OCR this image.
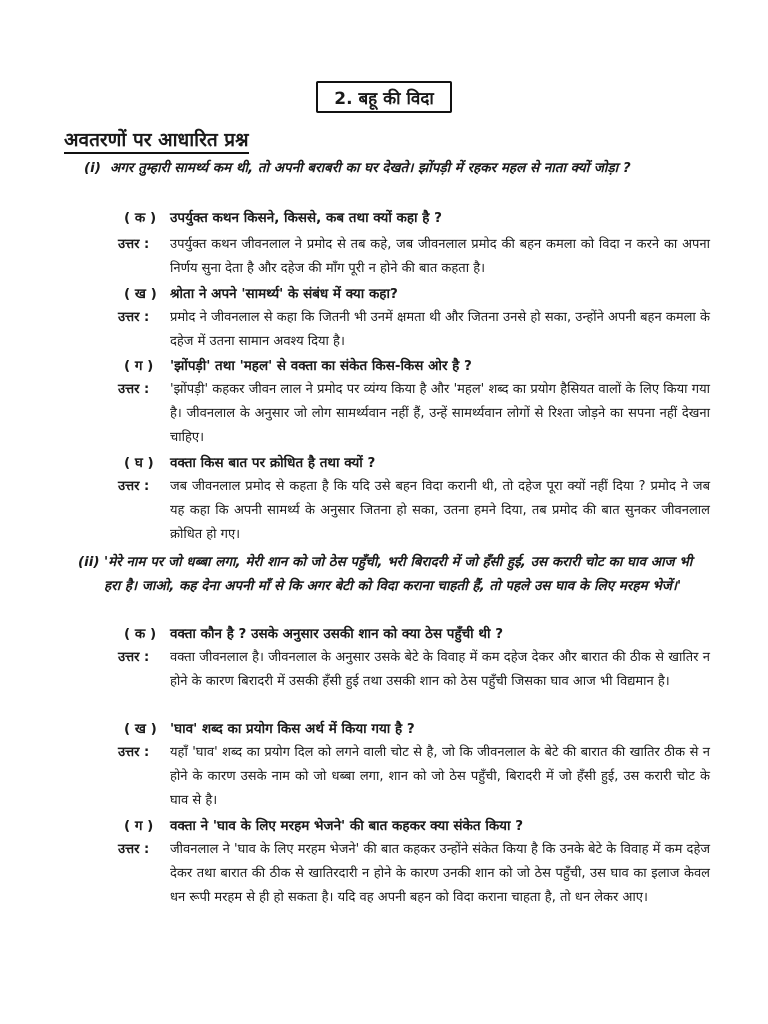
2. बहू की विदा
अवतरणों पर आधारित प्रश्न
(i) अगर तुम्हारी सामर्थ्य कम थी, तो अपनी बराबरी का घर देखते। झोंपड़ी में रहकर महल से नाता क्यों जोड़ा ?
( क )	उपर्युक्त कथन किसने, किससे, कब तथा क्यों कहा है ?
उत्तर :	उपर्युक्त कथन जीवनलाल ने प्रमोद से तब कहे, जब जीवनलाल प्रमोद की बहन कमला को विदा न करने का अपना निर्णय सुना देता है और दहेज की माँग पूरी न होने की बात कहता है।
( ख ) श्रोता ने अपने 'सामर्थ्य' के संबंध में क्या कहा?
उत्तर :	प्रमोद ने जीवनलाल से कहा कि जितनी भी उनमें क्षमता थी और जितना उनसे हो सका, उन्होंने अपनी बहन कमला के दहेज में उतना सामान अवश्य दिया है।
( ग )	'झोंपड़ी' तथा 'महल' से वक्ता का संकेत किस-किस ओर है ?
उत्तर :	'झोंपड़ी' कहकर जीवन लाल ने प्रमोद पर व्यंग्य किया है और 'महल' शब्द का प्रयोग हैसियत वालों के लिए किया गया है। जीवनलाल के अनुसार जो लोग सामर्थ्यवान नहीं हैं, उन्हें सामर्थ्यवान लोगों से रिश्ता जोड़ने का सपना नहीं देखना चाहिए।
( घ )	वक्ता किस बात पर क्रोधित है तथा क्यों ?
उत्तर :	जब जीवनलाल प्रमोद से कहता है कि यदि उसे बहन विदा करानी थी, तो दहेज पूरा क्यों नहीं दिया ? प्रमोद ने जब यह कहा कि अपनी सामर्थ्य के अनुसार जितना हो सका, उतना हमने दिया, तब प्रमोद की बात सुनकर जीवनलाल क्रोधित हो गए।
(ii) 'मेरे नाम पर जो धब्बा लगा, मेरी शान को जो ठेस पहुँची, भरी बिरादरी में जो हँसी हुई, उस करारी चोट का घाव आज भी हरा है। जाओ, कह देना अपनी माँ से कि अगर बेटी को विदा कराना चाहती हैं, तो पहले उस घाव के लिए मरहम भेजें।'
( क )	वक्ता कौन है ? उसके अनुसार उसकी शान को क्या ठेस पहुँची थी ?
उत्तर :	वक्ता जीवनलाल है। जीवनलाल के अनुसार उसके बेटे के विवाह में कम दहेज देकर और बारात की ठीक से खातिर न होने के कारण बिरादरी में उसकी हँसी हुई तथा उसकी शान को ठेस पहुँची जिसका घाव आज भी विद्यमान है।
( ख ) 'घाव' शब्द का प्रयोग किस अर्थ में किया गया है ?
उत्तर :	यहाँ 'घाव' शब्द का प्रयोग दिल को लगने वाली चोट से है, जो कि जीवनलाल के बेटे की बारात की खातिर ठीक से न होने के कारण उसके नाम को जो धब्बा लगा, शान को जो ठेस पहुँची, बिरादरी में जो हँसी हुई, उस करारी चोट के घाव से है।
( ग )	वक्ता ने 'घाव के लिए मरहम भेजने' की बात कहकर क्या संकेत किया ?
उत्तर :	जीवनलाल ने 'घाव के लिए मरहम भेजने' की बात कहकर उन्होंने संकेत किया है कि उनके बेटे के विवाह में कम दहेज देकर तथा बारात की ठीक से खातिरदारी न होने के कारण उनकी शान को जो ठेस पहुँची, उस घाव का इलाज केवल धन रूपी मरहम से ही हो सकता है। यदि वह अपनी बहन को विदा कराना चाहता है, तो धन लेकर आए।
